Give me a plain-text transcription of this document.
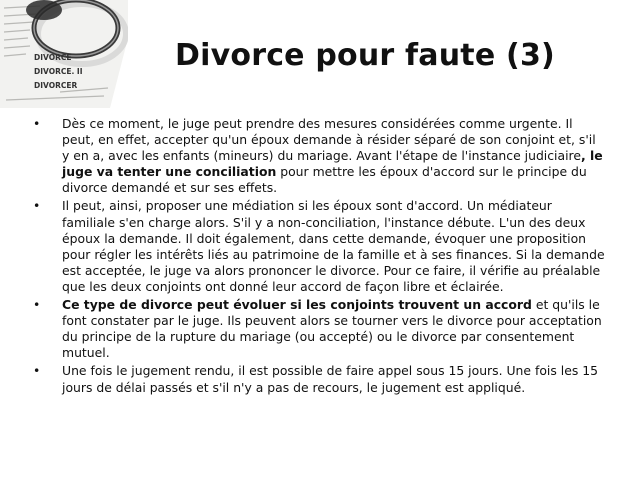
DIVORCE
DIVORCE. II
DIVORCER
Divorce pour faute (3)
• Dès ce moment, le juge peut prendre des mesures considérées comme urgente. Il peut, en effet, accepter qu'un époux demande à résider séparé de son conjoint et, s'il y en a, avec les enfants (mineurs) du mariage. Avant l'étape de l'instance judiciaire, le juge va tenter une conciliation pour mettre les époux d'accord sur le principe du divorce demandé et sur ses effets.
• Il peut, ainsi, proposer une médiation si les époux sont d'accord. Un médiateur familiale s'en charge alors. S'il y a non-conciliation, l'instance débute. L'un des deux époux la demande. Il doit également, dans cette demande, évoquer une proposition pour régler les intérêts liés au patrimoine de la famille et à ses finances. Si la demande est acceptée, le juge va alors prononcer le divorce. Pour ce faire, il vérifie au préalable que les deux conjoints ont donné leur accord de façon libre et éclairée.
• Ce type de divorce peut évoluer si les conjoints trouvent un accord et qu'ils le font constater par le juge. Ils peuvent alors se tourner vers le divorce pour acceptation du principe de la rupture du mariage (ou accepté) ou le divorce par consentement mutuel.
• Une fois le jugement rendu, il est possible de faire appel sous 15 jours. Une fois les 15 jours de délai passés et s'il n'y a pas de recours, le jugement est appliqué.
